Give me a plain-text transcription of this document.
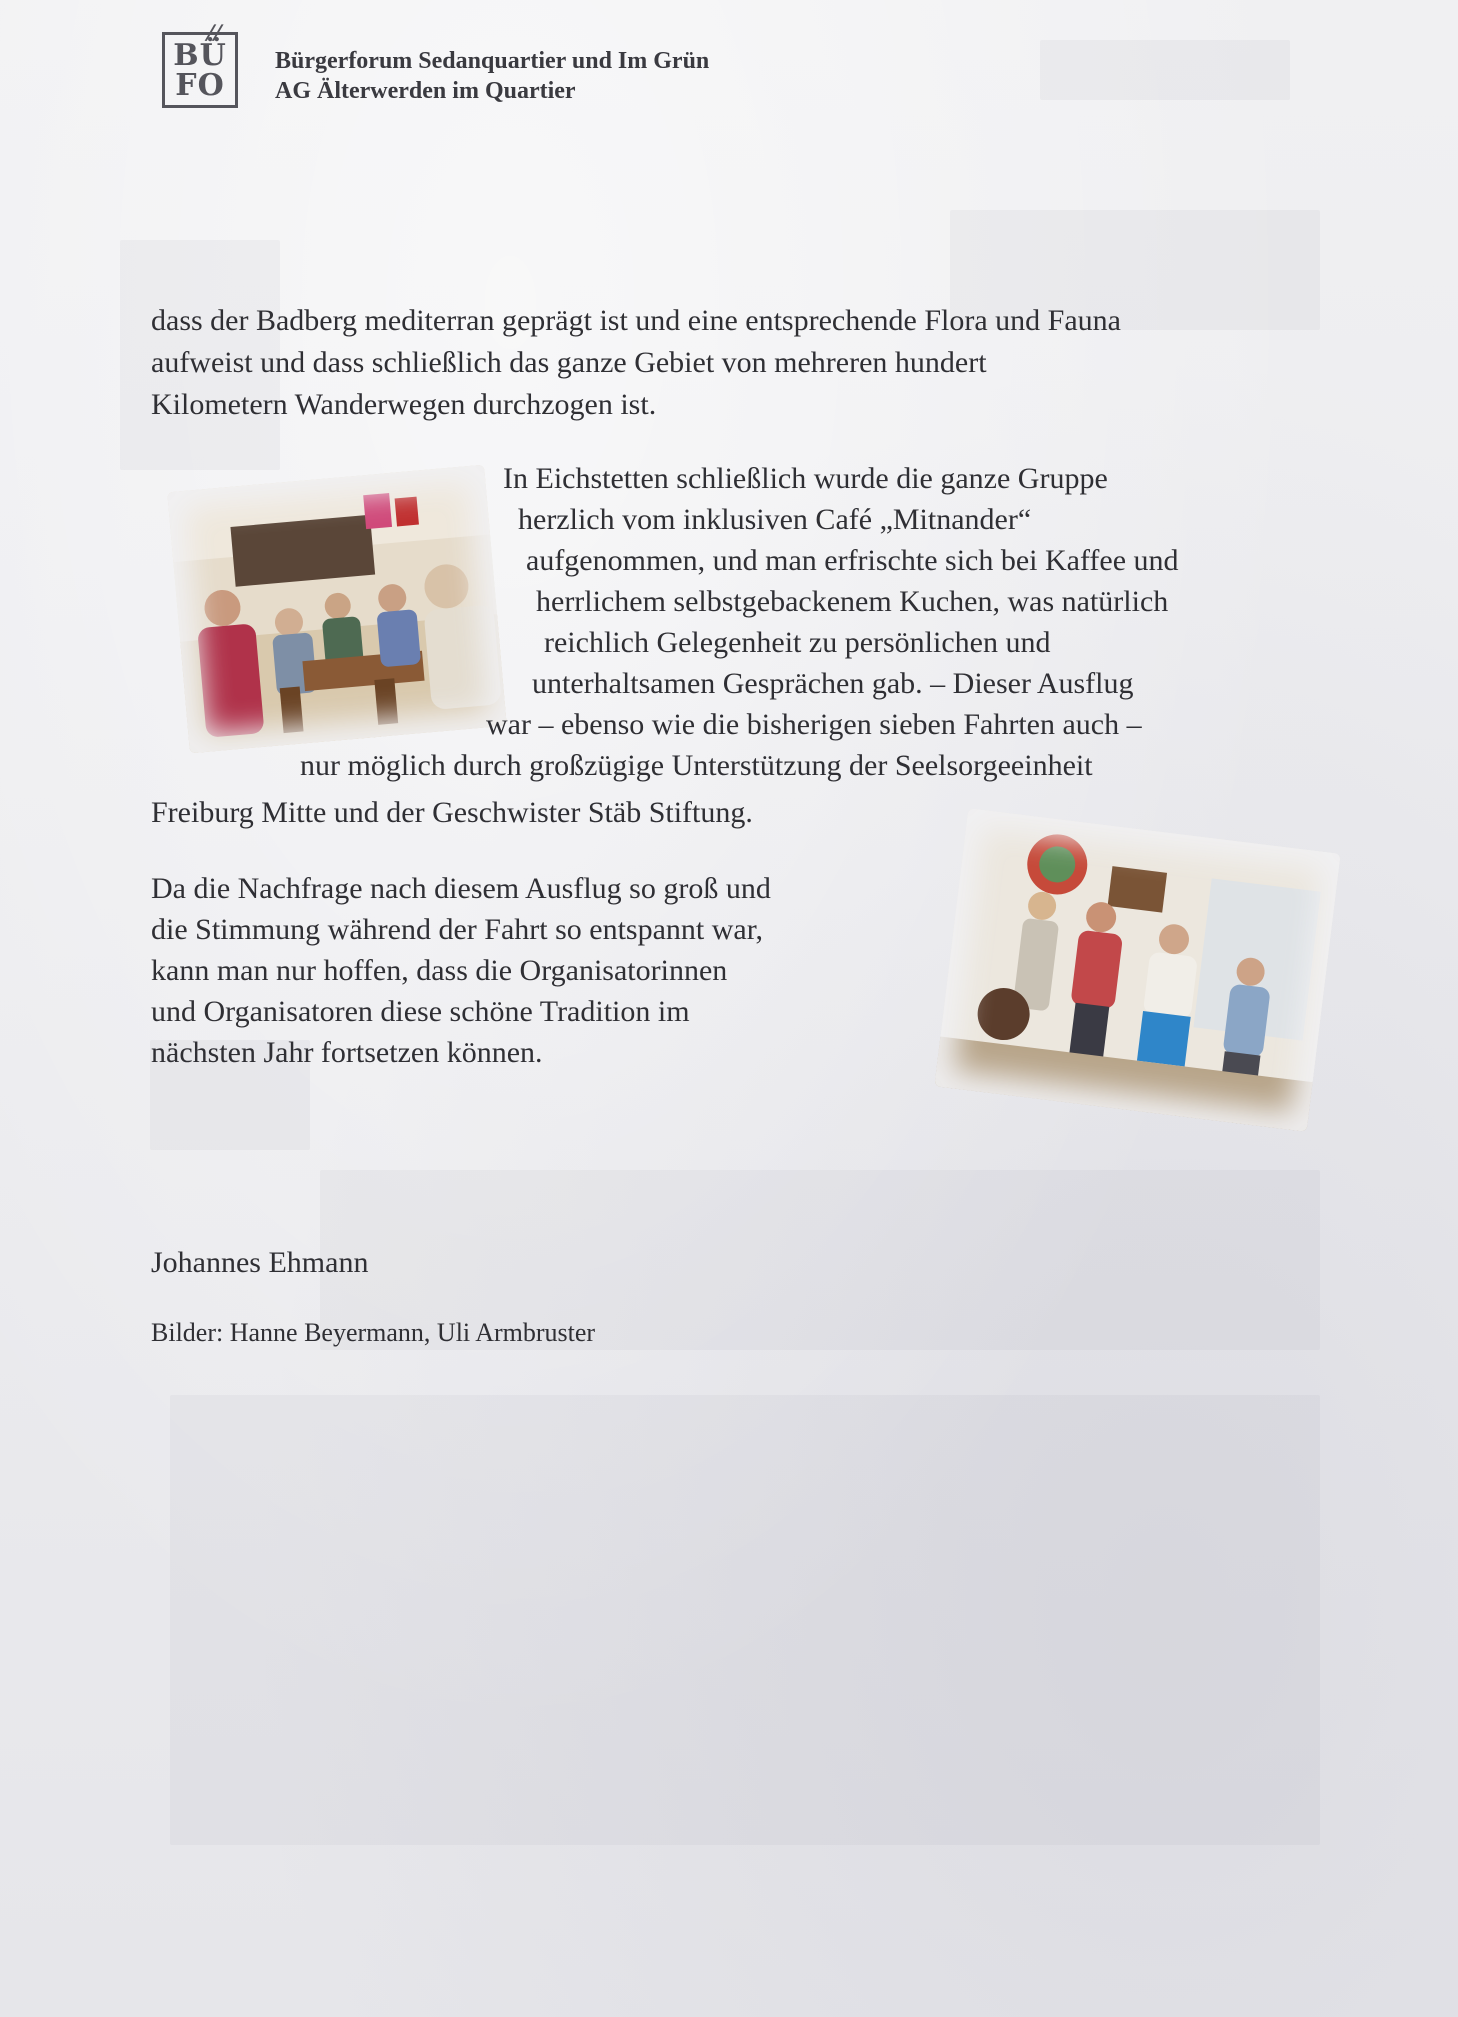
//
BÜ
FO
Bürgerforum Sedanquartier und Im Grün
AG Älterwerden im Quartier
dass der Badberg mediterran geprägt ist und eine entsprechende Flora und Fauna
aufweist und dass schließlich das ganze Gebiet von mehreren hundert
Kilometern Wanderwegen durchzogen ist.
In Eichstetten schließlich wurde die ganze Gruppe
herzlich vom inklusiven Café „Mitnander“
aufgenommen, und man erfrischte sich bei Kaffee und
herrlichem selbstgebackenem Kuchen, was natürlich
reichlich Gelegenheit zu persönlichen und
unterhaltsamen Gesprächen gab. – Dieser Ausflug
war – ebenso wie die bisherigen sieben Fahrten auch –
nur möglich durch großzügige Unterstützung der Seelsorgeeinheit
Freiburg Mitte und der Geschwister Stäb Stiftung.
Da die Nachfrage nach diesem Ausflug so groß und
die Stimmung während der Fahrt so entspannt war,
kann man nur hoffen, dass die Organisatorinnen
und Organisatoren diese schöne Tradition im
nächsten Jahr fortsetzen können.
Johannes Ehmann
Bilder: Hanne Beyermann, Uli Armbruster
